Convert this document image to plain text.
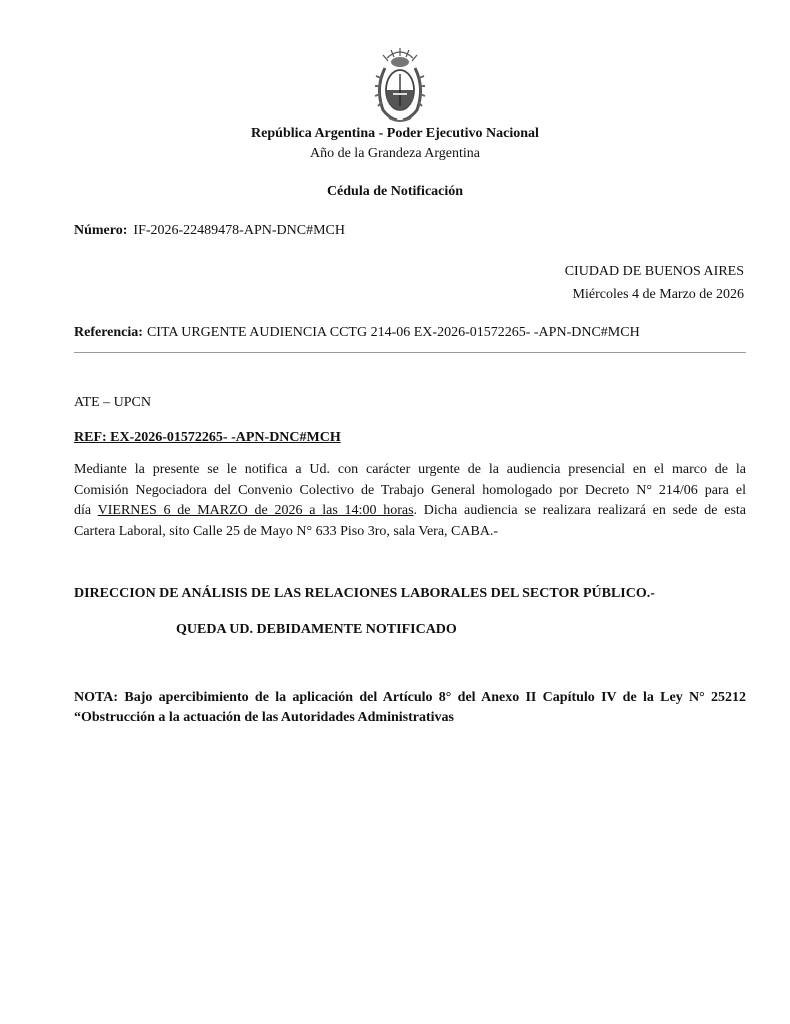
República Argentina - Poder Ejecutivo Nacional
Año de la Grandeza Argentina
Cédula de Notificación
Número: IF-2026-22489478-APN-DNC#MCH
CIUDAD DE BUENOS AIRES
Miércoles 4 de Marzo de 2026
Referencia: CITA URGENTE AUDIENCIA CCTG 214-06 EX-2026-01572265- -APN-DNC#MCH
ATE – UPCN
REF: EX-2026-01572265- -APN-DNC#MCH
Mediante la presente se le notifica a Ud. con carácter urgente de la audiencia presencial en el marco de la
Comisión Negociadora del Convenio Colectivo de Trabajo General homologado por Decreto N° 214/06 para el
día VIERNES 6 de MARZO de 2026 a las 14:00 horas. Dicha audiencia se realizara realizará en sede de esta
Cartera Laboral, sito Calle 25 de Mayo N° 633 Piso 3ro, sala Vera, CABA.-
DIRECCION DE ANÁLISIS DE LAS RELACIONES LABORALES DEL SECTOR PÚBLICO.-
QUEDA UD. DEBIDAMENTE NOTIFICADO
NOTA: Bajo apercibimiento de la aplicación del Artículo 8° del Anexo II Capítulo IV de la Ley N° 25212
“Obstrucción a la actuación de las Autoridades Administrativas
